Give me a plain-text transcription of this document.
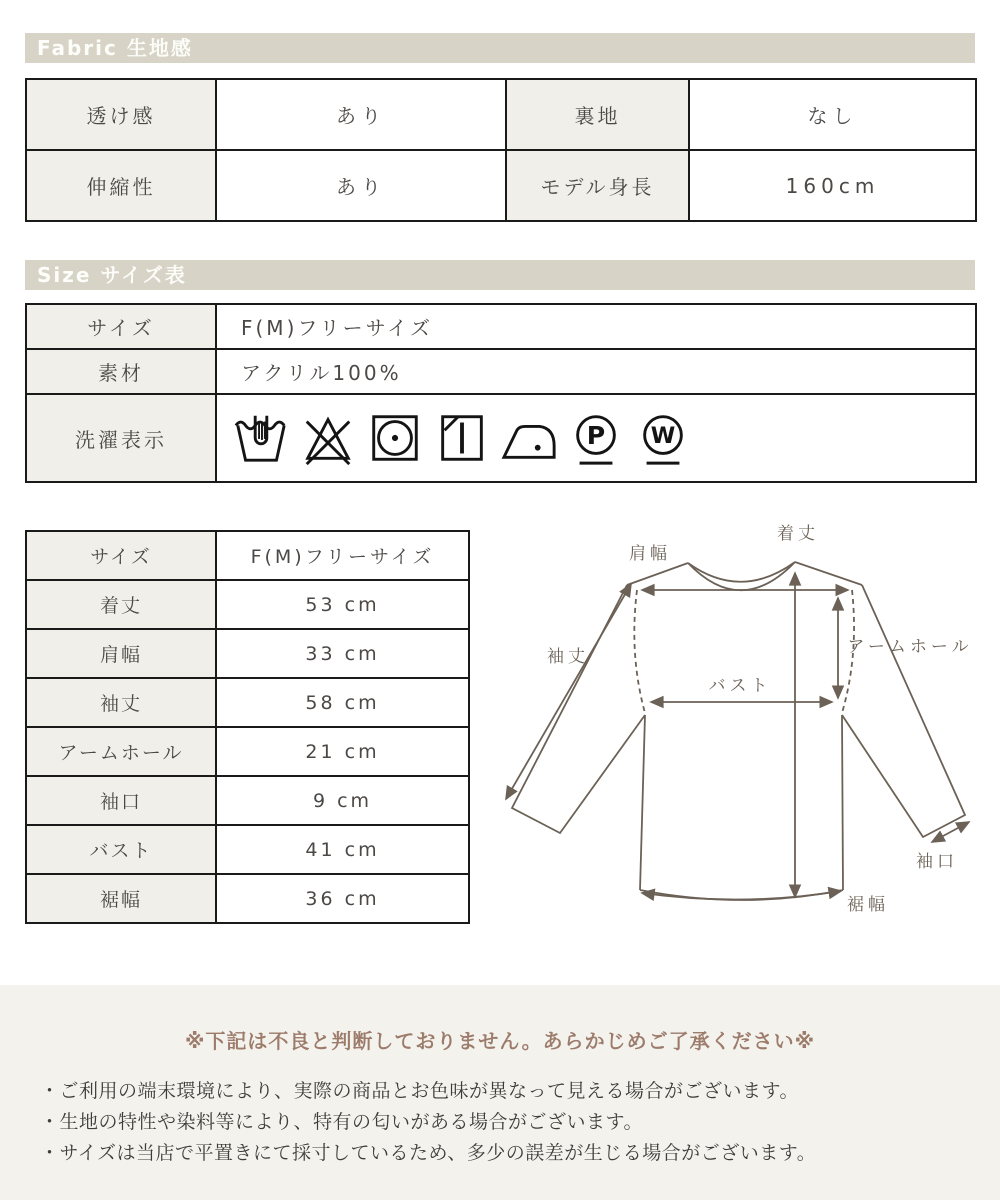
Fabric 生地感
透け感	あり	裏地	なし
伸縮性	あり	モデル身長	160cm
Size サイズ表
サイズ	F(M)フリーサイズ
素材	アクリル100%
洗濯表示	P W
サイズ	F(M)フリーサイズ
着丈	53 cm
肩幅	33 cm
袖丈	58 cm
アームホール	21 cm
袖口	9 cm
バスト	41 cm
裾幅	36 cm
着丈
肩幅
袖丈	アームホール
バスト
袖口
裾幅

※下記は不良と判断しておりません。あらかじめご了承ください※

・ご利用の端末環境により、実際の商品とお色味が異なって見える場合がございます。
・生地の特性や染料等により、特有の匂いがある場合がございます。
・サイズは当店で平置きにて採寸しているため、多少の誤差が生じる場合がございます。
